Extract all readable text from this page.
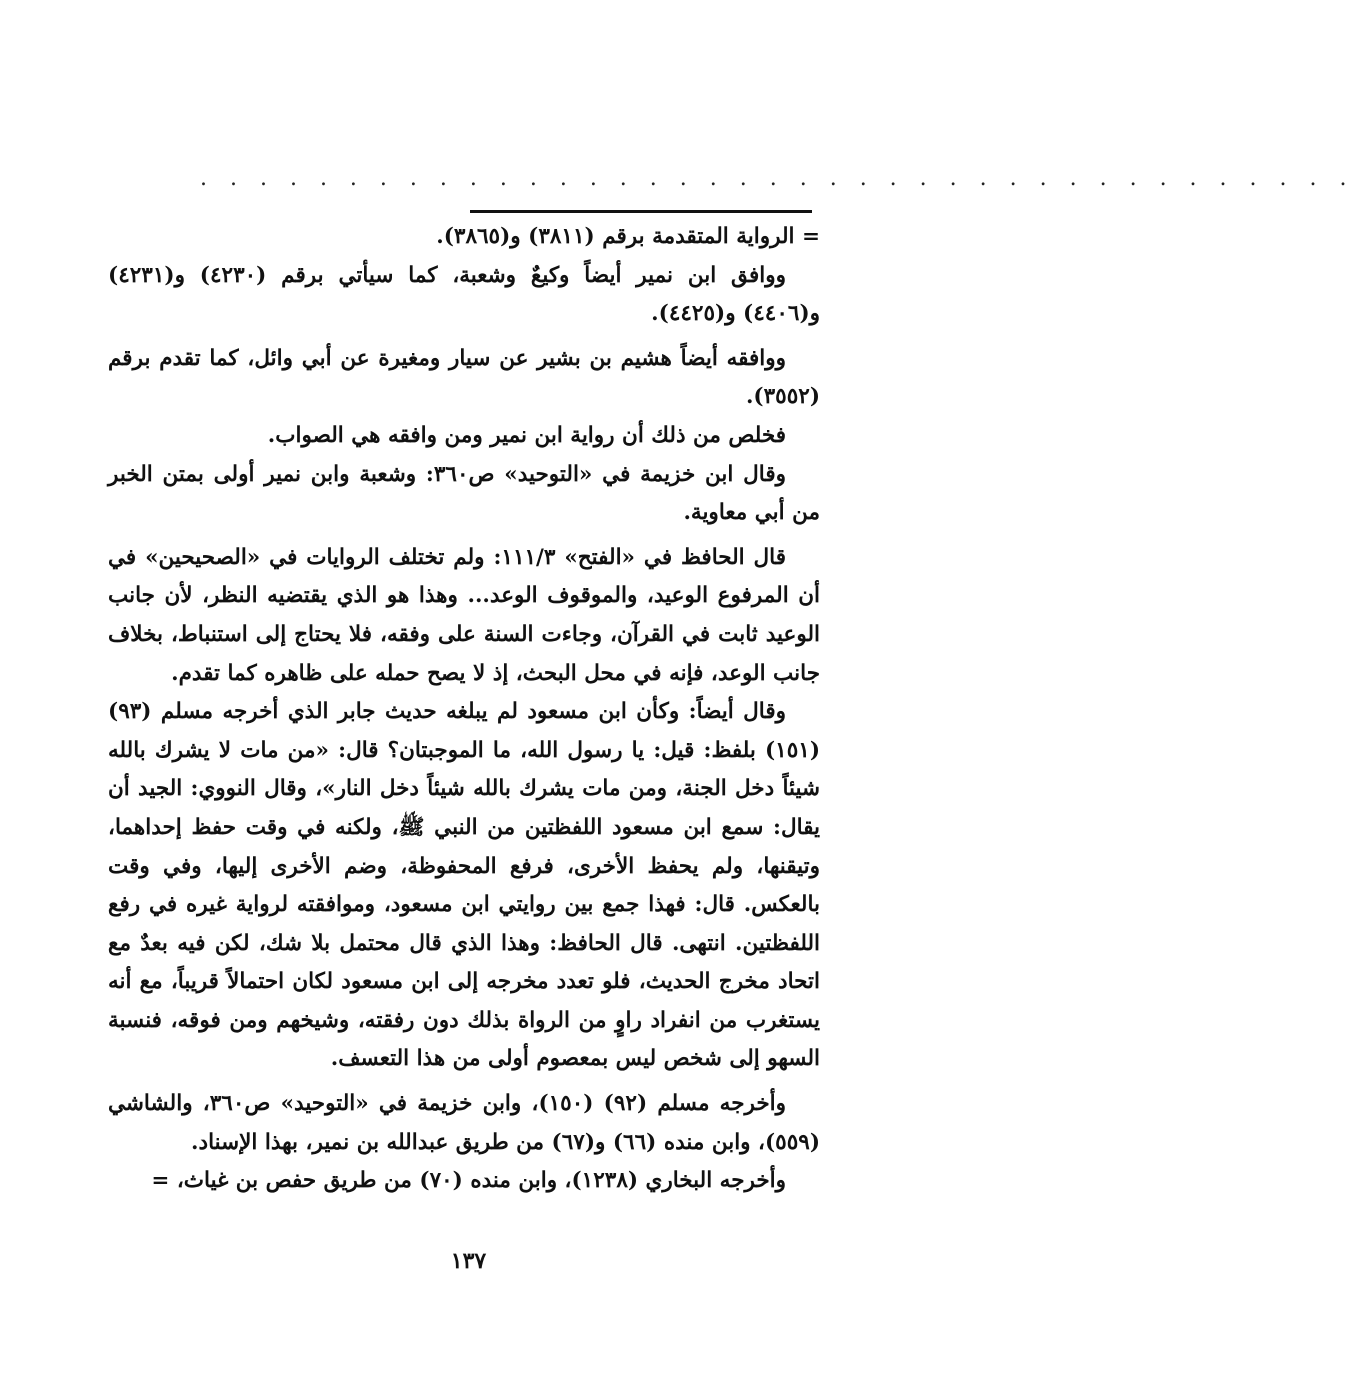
. . . . . . . . . . . . . . . . . . . . . . . . . . . . . . . . . . . . . . .

= الرواية المتقدمة برقم (٣٨١١) و(٣٨٦٥).

ووافق ابن نمير أيضاً وكيعٌ وشعبة، كما سيأتي برقم (٤٢٣٠) و(٤٢٣١) و(٤٤٠٦) و(٤٤٢٥).

ووافقه أيضاً هشيم بن بشير عن سيار ومغيرة عن أبي وائل، كما تقدم برقم (٣٥٥٢).

فخلص من ذلك أن رواية ابن نمير ومن وافقه هي الصواب.

وقال ابن خزيمة في «التوحيد» ص٣٦٠: وشعبة وابن نمير أولى بمتن الخبر من أبي معاوية.

قال الحافظ في «الفتح» ١١١/٣: ولم تختلف الروايات في «الصحيحين» في أن المرفوع الوعيد، والموقوف الوعد... وهذا هو الذي يقتضيه النظر، لأن جانب الوعيد ثابت في القرآن، وجاءت السنة على وفقه، فلا يحتاج إلى استنباط، بخلاف جانب الوعد، فإنه في محل البحث، إذ لا يصح حمله على ظاهره كما تقدم.

وقال أيضاً: وكأن ابن مسعود لم يبلغه حديث جابر الذي أخرجه مسلم (٩٣) (١٥١) بلفظ: قيل: يا رسول الله، ما الموجبتان؟ قال: «من مات لا يشرك بالله شيئاً دخل الجنة، ومن مات يشرك بالله شيئاً دخل النار»، وقال النووي: الجيد أن يقال: سمع ابن مسعود اللفظتين من النبي ﷺ، ولكنه في وقت حفظ إحداهما، وتيقنها، ولم يحفظ الأخرى، فرفع المحفوظة، وضم الأخرى إليها، وفي وقت بالعكس. قال: فهذا جمع بين روايتي ابن مسعود، وموافقته لرواية غيره في رفع اللفظتين. انتهى. قال الحافظ: وهذا الذي قال محتمل بلا شك، لكن فيه بعدٌ مع اتحاد مخرج الحديث، فلو تعدد مخرجه إلى ابن مسعود لكان احتمالاً قريباً، مع أنه يستغرب من انفراد راوٍ من الرواة بذلك دون رفقته، وشيخهم ومن فوقه، فنسبة السهو إلى شخص ليس بمعصوم أولى من هذا التعسف.

وأخرجه مسلم (٩٢) (١٥٠)، وابن خزيمة في «التوحيد» ص٣٦٠، والشاشي (٥٥٩)، وابن منده (٦٦) و(٦٧) من طريق عبدالله بن نمير، بهذا الإسناد.

وأخرجه البخاري (١٢٣٨)، وابن منده (٧٠) من طريق حفص بن غياث، =

١٣٧
